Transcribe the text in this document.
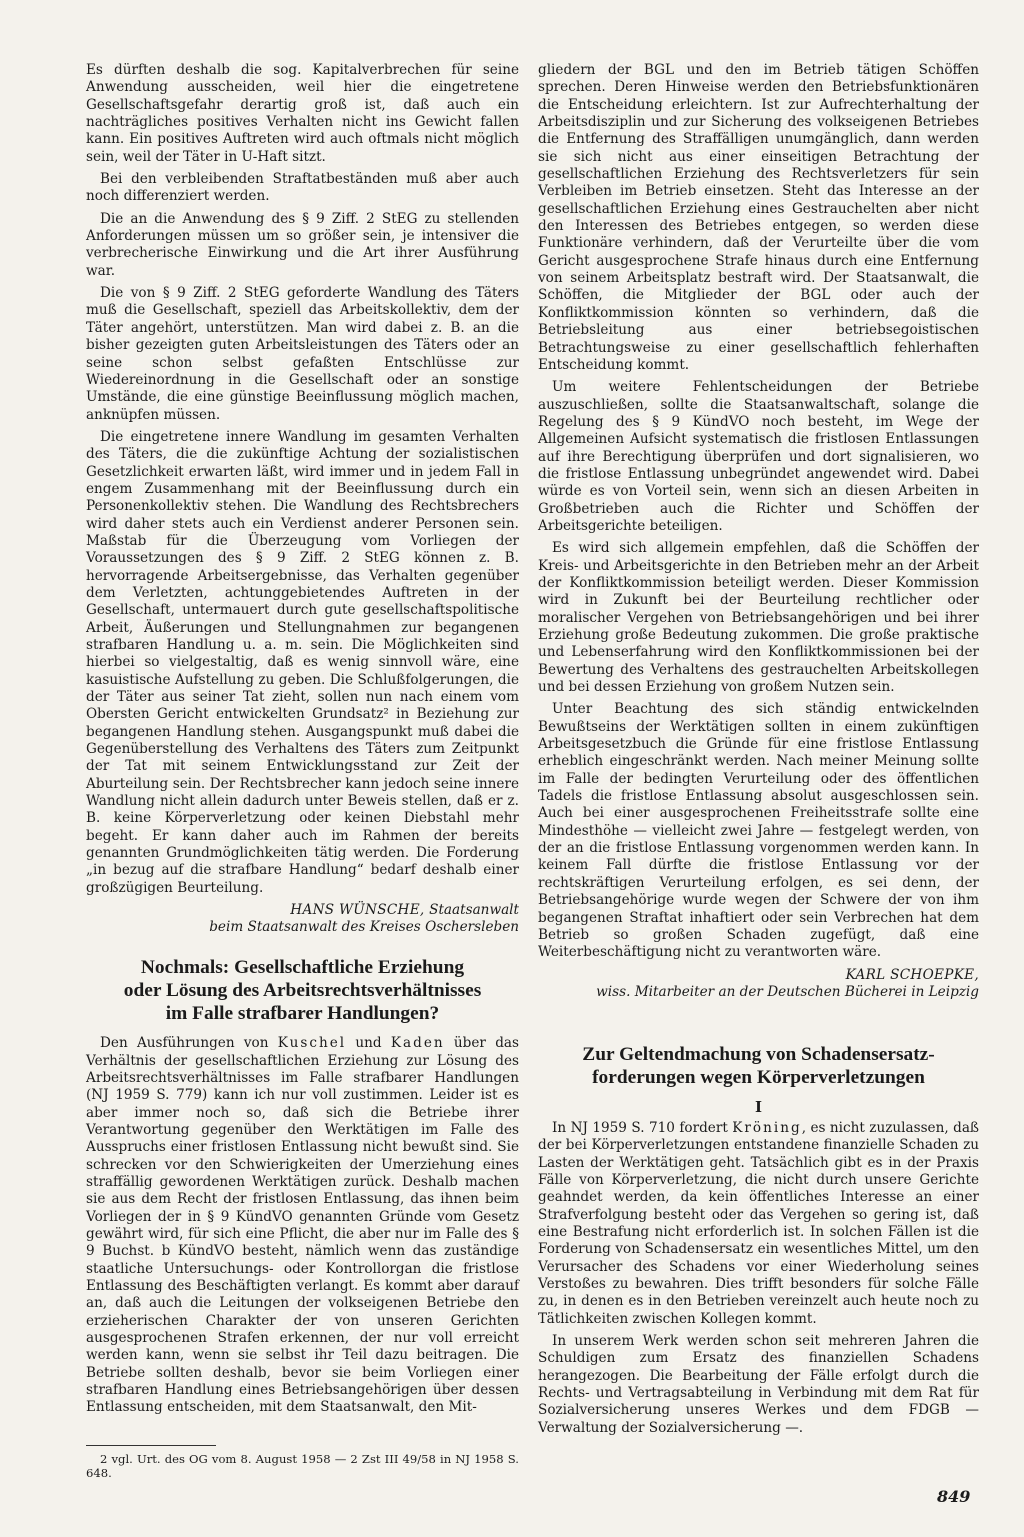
Es dürften deshalb die sog. Kapitalverbrechen für seine Anwendung ausscheiden, weil hier die eingetretene Gesellschaftsgefahr derartig groß ist, daß auch ein nachträgliches positives Verhalten nicht ins Gewicht fallen kann. Ein positives Auftreten wird auch oftmals nicht möglich sein, weil der Täter in U-Haft sitzt.

Bei den verbleibenden Straftatbeständen muß aber auch noch differenziert werden.

Die an die Anwendung des § 9 Ziff. 2 StEG zu stellenden Anforderungen müssen um so größer sein, je intensiver die verbrecherische Einwirkung und die Art ihrer Ausführung war.

Die von § 9 Ziff. 2 StEG geforderte Wandlung des Täters muß die Gesellschaft, speziell das Arbeitskollektiv, dem der Täter angehört, unterstützen. Man wird dabei z. B. an die bisher gezeigten guten Arbeitsleistungen des Täters oder an seine schon selbst gefaßten Entschlüsse zur Wiedereinordnung in die Gesellschaft oder an sonstige Umstände, die eine günstige Beeinflussung möglich machen, anknüpfen müssen.

Die eingetretene innere Wandlung im gesamten Verhalten des Täters, die die zukünftige Achtung der sozialistischen Gesetzlichkeit erwarten läßt, wird immer und in jedem Fall in engem Zusammenhang mit der Beeinflussung durch ein Personenkollektiv stehen. Die Wandlung des Rechtsbrechers wird daher stets auch ein Verdienst anderer Personen sein. Maßstab für die Überzeugung vom Vorliegen der Voraussetzungen des § 9 Ziff. 2 StEG können z. B. hervorragende Arbeitsergebnisse, das Verhalten gegenüber dem Verletzten, achtunggebietendes Auftreten in der Gesellschaft, untermauert durch gute gesellschaftspolitische Arbeit, Äußerungen und Stellungnahmen zur begangenen strafbaren Handlung u. a. m. sein. Die Möglichkeiten sind hierbei so vielgestaltig, daß es wenig sinnvoll wäre, eine kasuistische Aufstellung zu geben. Die Schlußfolgerungen, die der Täter aus seiner Tat zieht, sollen nun nach einem vom Obersten Gericht entwickelten Grundsatz² in Beziehung zur begangenen Handlung stehen. Ausgangspunkt muß dabei die Gegenüberstellung des Verhaltens des Täters zum Zeitpunkt der Tat mit seinem Entwicklungsstand zur Zeit der Aburteilung sein. Der Rechtsbrecher kann jedoch seine innere Wandlung nicht allein dadurch unter Beweis stellen, daß er z. B. keine Körperverletzung oder keinen Diebstahl mehr begeht. Er kann daher auch im Rahmen der bereits genannten Grundmöglichkeiten tätig werden. Die Forderung „in bezug auf die strafbare Handlung“ bedarf deshalb einer großzügigen Beurteilung.

HANS WÜNSCHE, Staatsanwalt
beim Staatsanwalt des Kreises Oschersleben
Nochmals: Gesellschaftliche Erziehung
oder Lösung des Arbeitsrechtsverhältnisses
im Falle strafbarer Handlungen?

Den Ausführungen von Kuschel und Kaden über das Verhältnis der gesellschaftlichen Erziehung zur Lösung des Arbeitsrechtsverhältnisses im Falle strafbarer Handlungen (NJ 1959 S. 779) kann ich nur voll zustimmen. Leider ist es aber immer noch so, daß sich die Betriebe ihrer Verantwortung gegenüber den Werktätigen im Falle des Ausspruchs einer fristlosen Entlassung nicht bewußt sind. Sie schrecken vor den Schwierigkeiten der Umerziehung eines straffällig gewordenen Werktätigen zurück. Deshalb machen sie aus dem Recht der fristlosen Entlassung, das ihnen beim Vorliegen der in § 9 KündVO genannten Gründe vom Gesetz gewährt wird, für sich eine Pflicht, die aber nur im Falle des § 9 Buchst. b KündVO besteht, nämlich wenn das zuständige staatliche Untersuchungs- oder Kontrollorgan die fristlose Entlassung des Beschäftigten verlangt. Es kommt aber darauf an, daß auch die Leitungen der volkseigenen Betriebe den erzieherischen Charakter der von unseren Gerichten ausgesprochenen Strafen erkennen, der nur voll erreicht werden kann, wenn sie selbst ihr Teil dazu beitragen. Die Betriebe sollten deshalb, bevor sie beim Vorliegen einer strafbaren Handlung eines Betriebsangehörigen über dessen Entlassung entscheiden, mit dem Staatsanwalt, den Mit-

2 vgl. Urt. des OG vom 8. August 1958 — 2 Zst III 49/58 in NJ 1958 S. 648.

gliedern der BGL und den im Betrieb tätigen Schöffen sprechen. Deren Hinweise werden den Betriebsfunktionären die Entscheidung erleichtern. Ist zur Aufrechterhaltung der Arbeitsdisziplin und zur Sicherung des volkseigenen Betriebes die Entfernung des Straffälligen unumgänglich, dann werden sie sich nicht aus einer einseitigen Betrachtung der gesellschaftlichen Erziehung des Rechtsverletzers für sein Verbleiben im Betrieb einsetzen. Steht das Interesse an der gesellschaftlichen Erziehung eines Gestrauchelten aber nicht den Interessen des Betriebes entgegen, so werden diese Funktionäre verhindern, daß der Verurteilte über die vom Gericht ausgesprochene Strafe hinaus durch eine Entfernung von seinem Arbeitsplatz bestraft wird. Der Staatsanwalt, die Schöffen, die Mitglieder der BGL oder auch der Konfliktkommission könnten so verhindern, daß die Betriebsleitung aus einer betriebsegoistischen Betrachtungsweise zu einer gesellschaftlich fehlerhaften Entscheidung kommt.

Um weitere Fehlentscheidungen der Betriebe auszuschließen, sollte die Staatsanwaltschaft, solange die Regelung des § 9 KündVO noch besteht, im Wege der Allgemeinen Aufsicht systematisch die fristlosen Entlassungen auf ihre Berechtigung überprüfen und dort signalisieren, wo die fristlose Entlassung unbegründet angewendet wird. Dabei würde es von Vorteil sein, wenn sich an diesen Arbeiten in Großbetrieben auch die Richter und Schöffen der Arbeitsgerichte beteiligen.

Es wird sich allgemein empfehlen, daß die Schöffen der Kreis- und Arbeitsgerichte in den Betrieben mehr an der Arbeit der Konfliktkommission beteiligt werden. Dieser Kommission wird in Zukunft bei der Beurteilung rechtlicher oder moralischer Vergehen von Betriebsangehörigen und bei ihrer Erziehung große Bedeutung zukommen. Die große praktische und Lebenserfahrung wird den Konfliktkommissionen bei der Bewertung des Verhaltens des gestrauchelten Arbeitskollegen und bei dessen Erziehung von großem Nutzen sein.

Unter Beachtung des sich ständig entwickelnden Bewußtseins der Werktätigen sollten in einem zukünftigen Arbeitsgesetzbuch die Gründe für eine fristlose Entlassung erheblich eingeschränkt werden. Nach meiner Meinung sollte im Falle der bedingten Verurteilung oder des öffentlichen Tadels die fristlose Entlassung absolut ausgeschlossen sein. Auch bei einer ausgesprochenen Freiheitsstrafe sollte eine Mindesthöhe — vielleicht zwei Jahre — festgelegt werden, von der an die fristlose Entlassung vorgenommen werden kann. In keinem Fall dürfte die fristlose Entlassung vor der rechtskräftigen Verurteilung erfolgen, es sei denn, der Betriebsangehörige wurde wegen der Schwere der von ihm begangenen Straftat inhaftiert oder sein Verbrechen hat dem Betrieb so großen Schaden zugefügt, daß eine Weiterbeschäftigung nicht zu verantworten wäre.

KARL SCHOEPKE,
wiss. Mitarbeiter an der Deutschen Bücherei in Leipzig
Zur Geltendmachung von Schadensersatz-
forderungen wegen Körperverletzungen
I

In NJ 1959 S. 710 fordert Kröning, es nicht zuzulassen, daß der bei Körperverletzungen entstandene finanzielle Schaden zu Lasten der Werktätigen geht. Tatsächlich gibt es in der Praxis Fälle von Körperverletzung, die nicht durch unsere Gerichte geahndet werden, da kein öffentliches Interesse an einer Strafverfolgung besteht oder das Vergehen so gering ist, daß eine Bestrafung nicht erforderlich ist. In solchen Fällen ist die Forderung von Schadensersatz ein wesentliches Mittel, um den Verursacher des Schadens vor einer Wiederholung seines Verstoßes zu bewahren. Dies trifft besonders für solche Fälle zu, in denen es in den Betrieben vereinzelt auch heute noch zu Tätlichkeiten zwischen Kollegen kommt.

In unserem Werk werden schon seit mehreren Jahren die Schuldigen zum Ersatz des finanziellen Schadens herangezogen. Die Bearbeitung der Fälle erfolgt durch die Rechts- und Vertragsabteilung in Verbindung mit dem Rat für Sozialversicherung unseres Werkes und dem FDGB — Verwaltung der Sozialversicherung —.

849
